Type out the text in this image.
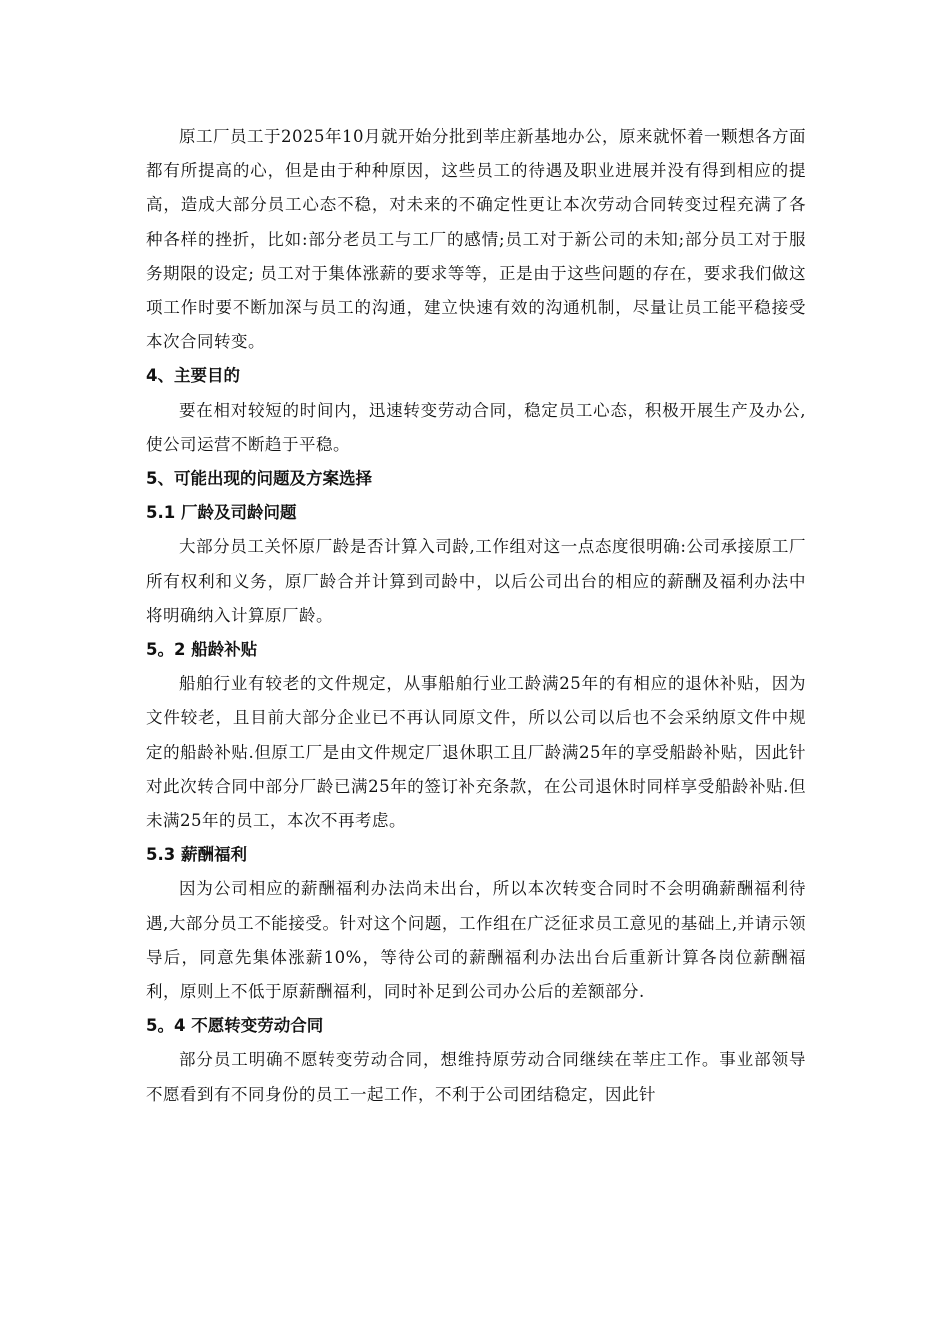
原工厂员工于2025年10月就开始分批到莘庄新基地办公，原来就怀着一颗想各方面都有所提高的心，但是由于种种原因，这些员工的待遇及职业进展并没有得到相应的提高，造成大部分员工心态不稳，对未来的不确定性更让本次劳动合同转变过程充满了各种各样的挫折，比如:部分老员工与工厂的感情;员工对于新公司的未知;部分员工对于服务期限的设定; 员工对于集体涨薪的要求等等，正是由于这些问题的存在，要求我们做这项工作时要不断加深与员工的沟通，建立快速有效的沟通机制，尽量让员工能平稳接受本次合同转变。

4、主要目的

要在相对较短的时间内，迅速转变劳动合同，稳定员工心态，积极开展生产及办公,使公司运营不断趋于平稳。

5、可能出现的问题及方案选择

5.1 厂龄及司龄问题

大部分员工关怀原厂龄是否计算入司龄,工作组对这一点态度很明确:公司承接原工厂所有权利和义务，原厂龄合并计算到司龄中，以后公司出台的相应的薪酬及福利办法中将明确纳入计算原厂龄。

5。2 船龄补贴

船舶行业有较老的文件规定，从事船舶行业工龄满25年的有相应的退休补贴，因为文件较老，且目前大部分企业已不再认同原文件，所以公司以后也不会采纳原文件中规定的船龄补贴.但原工厂是由文件规定厂退休职工且厂龄满25年的享受船龄补贴，因此针对此次转合同中部分厂龄已满25年的签订补充条款，在公司退休时同样享受船龄补贴.但未满25年的员工，本次不再考虑。

5.3 薪酬福利

因为公司相应的薪酬福利办法尚未出台，所以本次转变合同时不会明确薪酬福利待遇,大部分员工不能接受。针对这个问题，工作组在广泛征求员工意见的基础上,并请示领导后，同意先集体涨薪10%，等待公司的薪酬福利办法出台后重新计算各岗位薪酬福利，原则上不低于原薪酬福利，同时补足到公司办公后的差额部分.

5。4 不愿转变劳动合同

部分员工明确不愿转变劳动合同，想维持原劳动合同继续在莘庄工作。事业部领导不愿看到有不同身份的员工一起工作，不利于公司团结稳定，因此针
